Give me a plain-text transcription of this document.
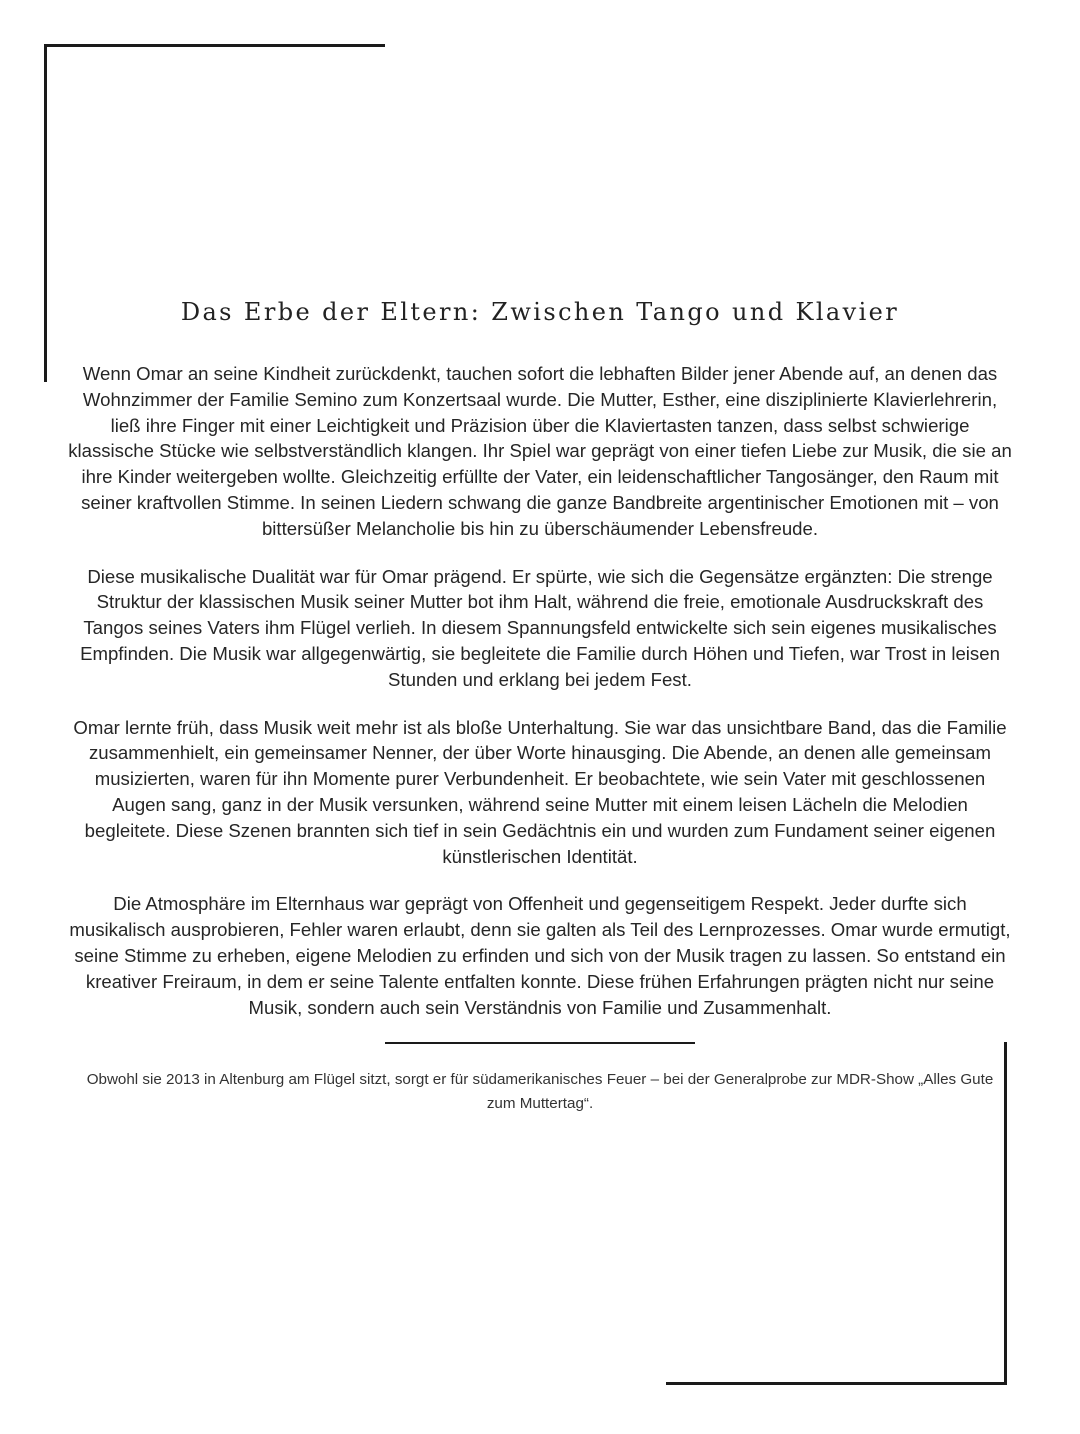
Das Erbe der Eltern: Zwischen Tango und Klavier

Wenn Omar an seine Kindheit zurückdenkt, tauchen sofort die lebhaften Bilder jener Abende auf, an denen das Wohnzimmer der Familie Semino zum Konzertsaal wurde. Die Mutter, Esther, eine disziplinierte Klavierlehrerin, ließ ihre Finger mit einer Leichtigkeit und Präzision über die Klaviertasten tanzen, dass selbst schwierige klassische Stücke wie selbstverständlich klangen. Ihr Spiel war geprägt von einer tiefen Liebe zur Musik, die sie an ihre Kinder weitergeben wollte. Gleichzeitig erfüllte der Vater, ein leidenschaftlicher Tangosänger, den Raum mit seiner kraftvollen Stimme. In seinen Liedern schwang die ganze Bandbreite argentinischer Emotionen mit – von bittersüßer Melancholie bis hin zu überschäumender Lebensfreude.

Diese musikalische Dualität war für Omar prägend. Er spürte, wie sich die Gegensätze ergänzten: Die strenge Struktur der klassischen Musik seiner Mutter bot ihm Halt, während die freie, emotionale Ausdruckskraft des Tangos seines Vaters ihm Flügel verlieh. In diesem Spannungsfeld entwickelte sich sein eigenes musikalisches Empfinden. Die Musik war allgegenwärtig, sie begleitete die Familie durch Höhen und Tiefen, war Trost in leisen Stunden und erklang bei jedem Fest.

Omar lernte früh, dass Musik weit mehr ist als bloße Unterhaltung. Sie war das unsichtbare Band, das die Familie zusammenhielt, ein gemeinsamer Nenner, der über Worte hinausging. Die Abende, an denen alle gemeinsam musizierten, waren für ihn Momente purer Verbundenheit. Er beobachtete, wie sein Vater mit geschlossenen Augen sang, ganz in der Musik versunken, während seine Mutter mit einem leisen Lächeln die Melodien begleitete. Diese Szenen brannten sich tief in sein Gedächtnis ein und wurden zum Fundament seiner eigenen künstlerischen Identität.

Die Atmosphäre im Elternhaus war geprägt von Offenheit und gegenseitigem Respekt. Jeder durfte sich musikalisch ausprobieren, Fehler waren erlaubt, denn sie galten als Teil des Lernprozesses. Omar wurde ermutigt, seine Stimme zu erheben, eigene Melodien zu erfinden und sich von der Musik tragen zu lassen. So entstand ein kreativer Freiraum, in dem er seine Talente entfalten konnte. Diese frühen Erfahrungen prägten nicht nur seine Musik, sondern auch sein Verständnis von Familie und Zusammenhalt.

Obwohl sie 2013 in Altenburg am Flügel sitzt, sorgt er für südamerikanisches Feuer – bei der Generalprobe zur MDR-Show „Alles Gute zum Muttertag“.
